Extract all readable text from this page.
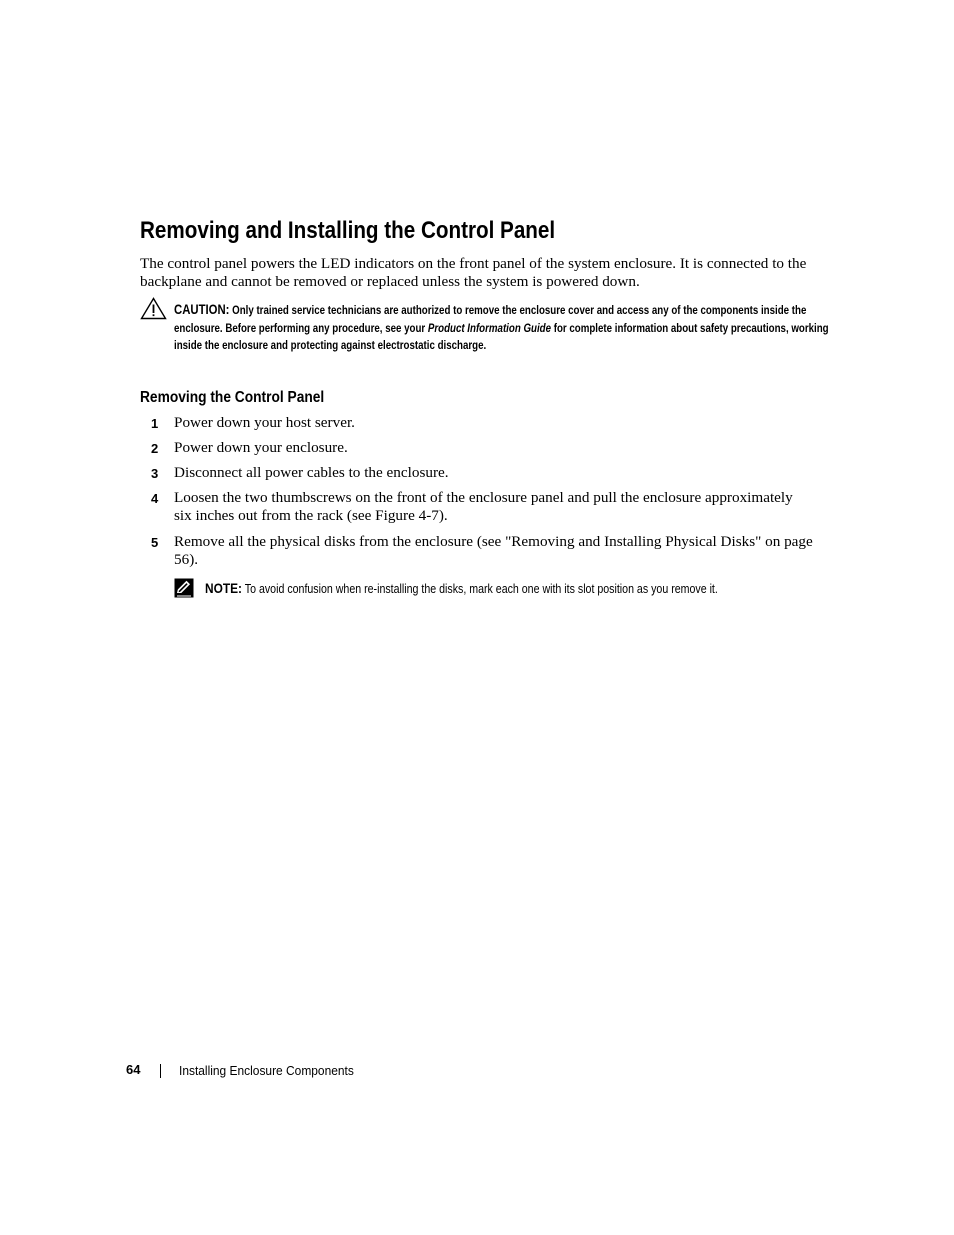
Removing and Installing the Control Panel
The control panel powers the LED indicators on the front panel of the system enclosure. It is connected to the backplane and cannot be removed or replaced unless the system is powered down.
CAUTION: Only trained service technicians are authorized to remove the enclosure cover and access any of the components inside the enclosure. Before performing any procedure, see your Product Information Guide for complete information about safety precautions, working inside the enclosure and protecting against electrostatic discharge.
Removing the Control Panel
1 Power down your host server.
2 Power down your enclosure.
3 Disconnect all power cables to the enclosure.
4 Loosen the two thumbscrews on the front of the enclosure panel and pull the enclosure approximately six inches out from the rack (see Figure 4-7).
5 Remove all the physical disks from the enclosure (see "Removing and Installing Physical Disks" on page 56).
NOTE: To avoid confusion when re-installing the disks, mark each one with its slot position as you remove it.
64	Installing Enclosure Components
